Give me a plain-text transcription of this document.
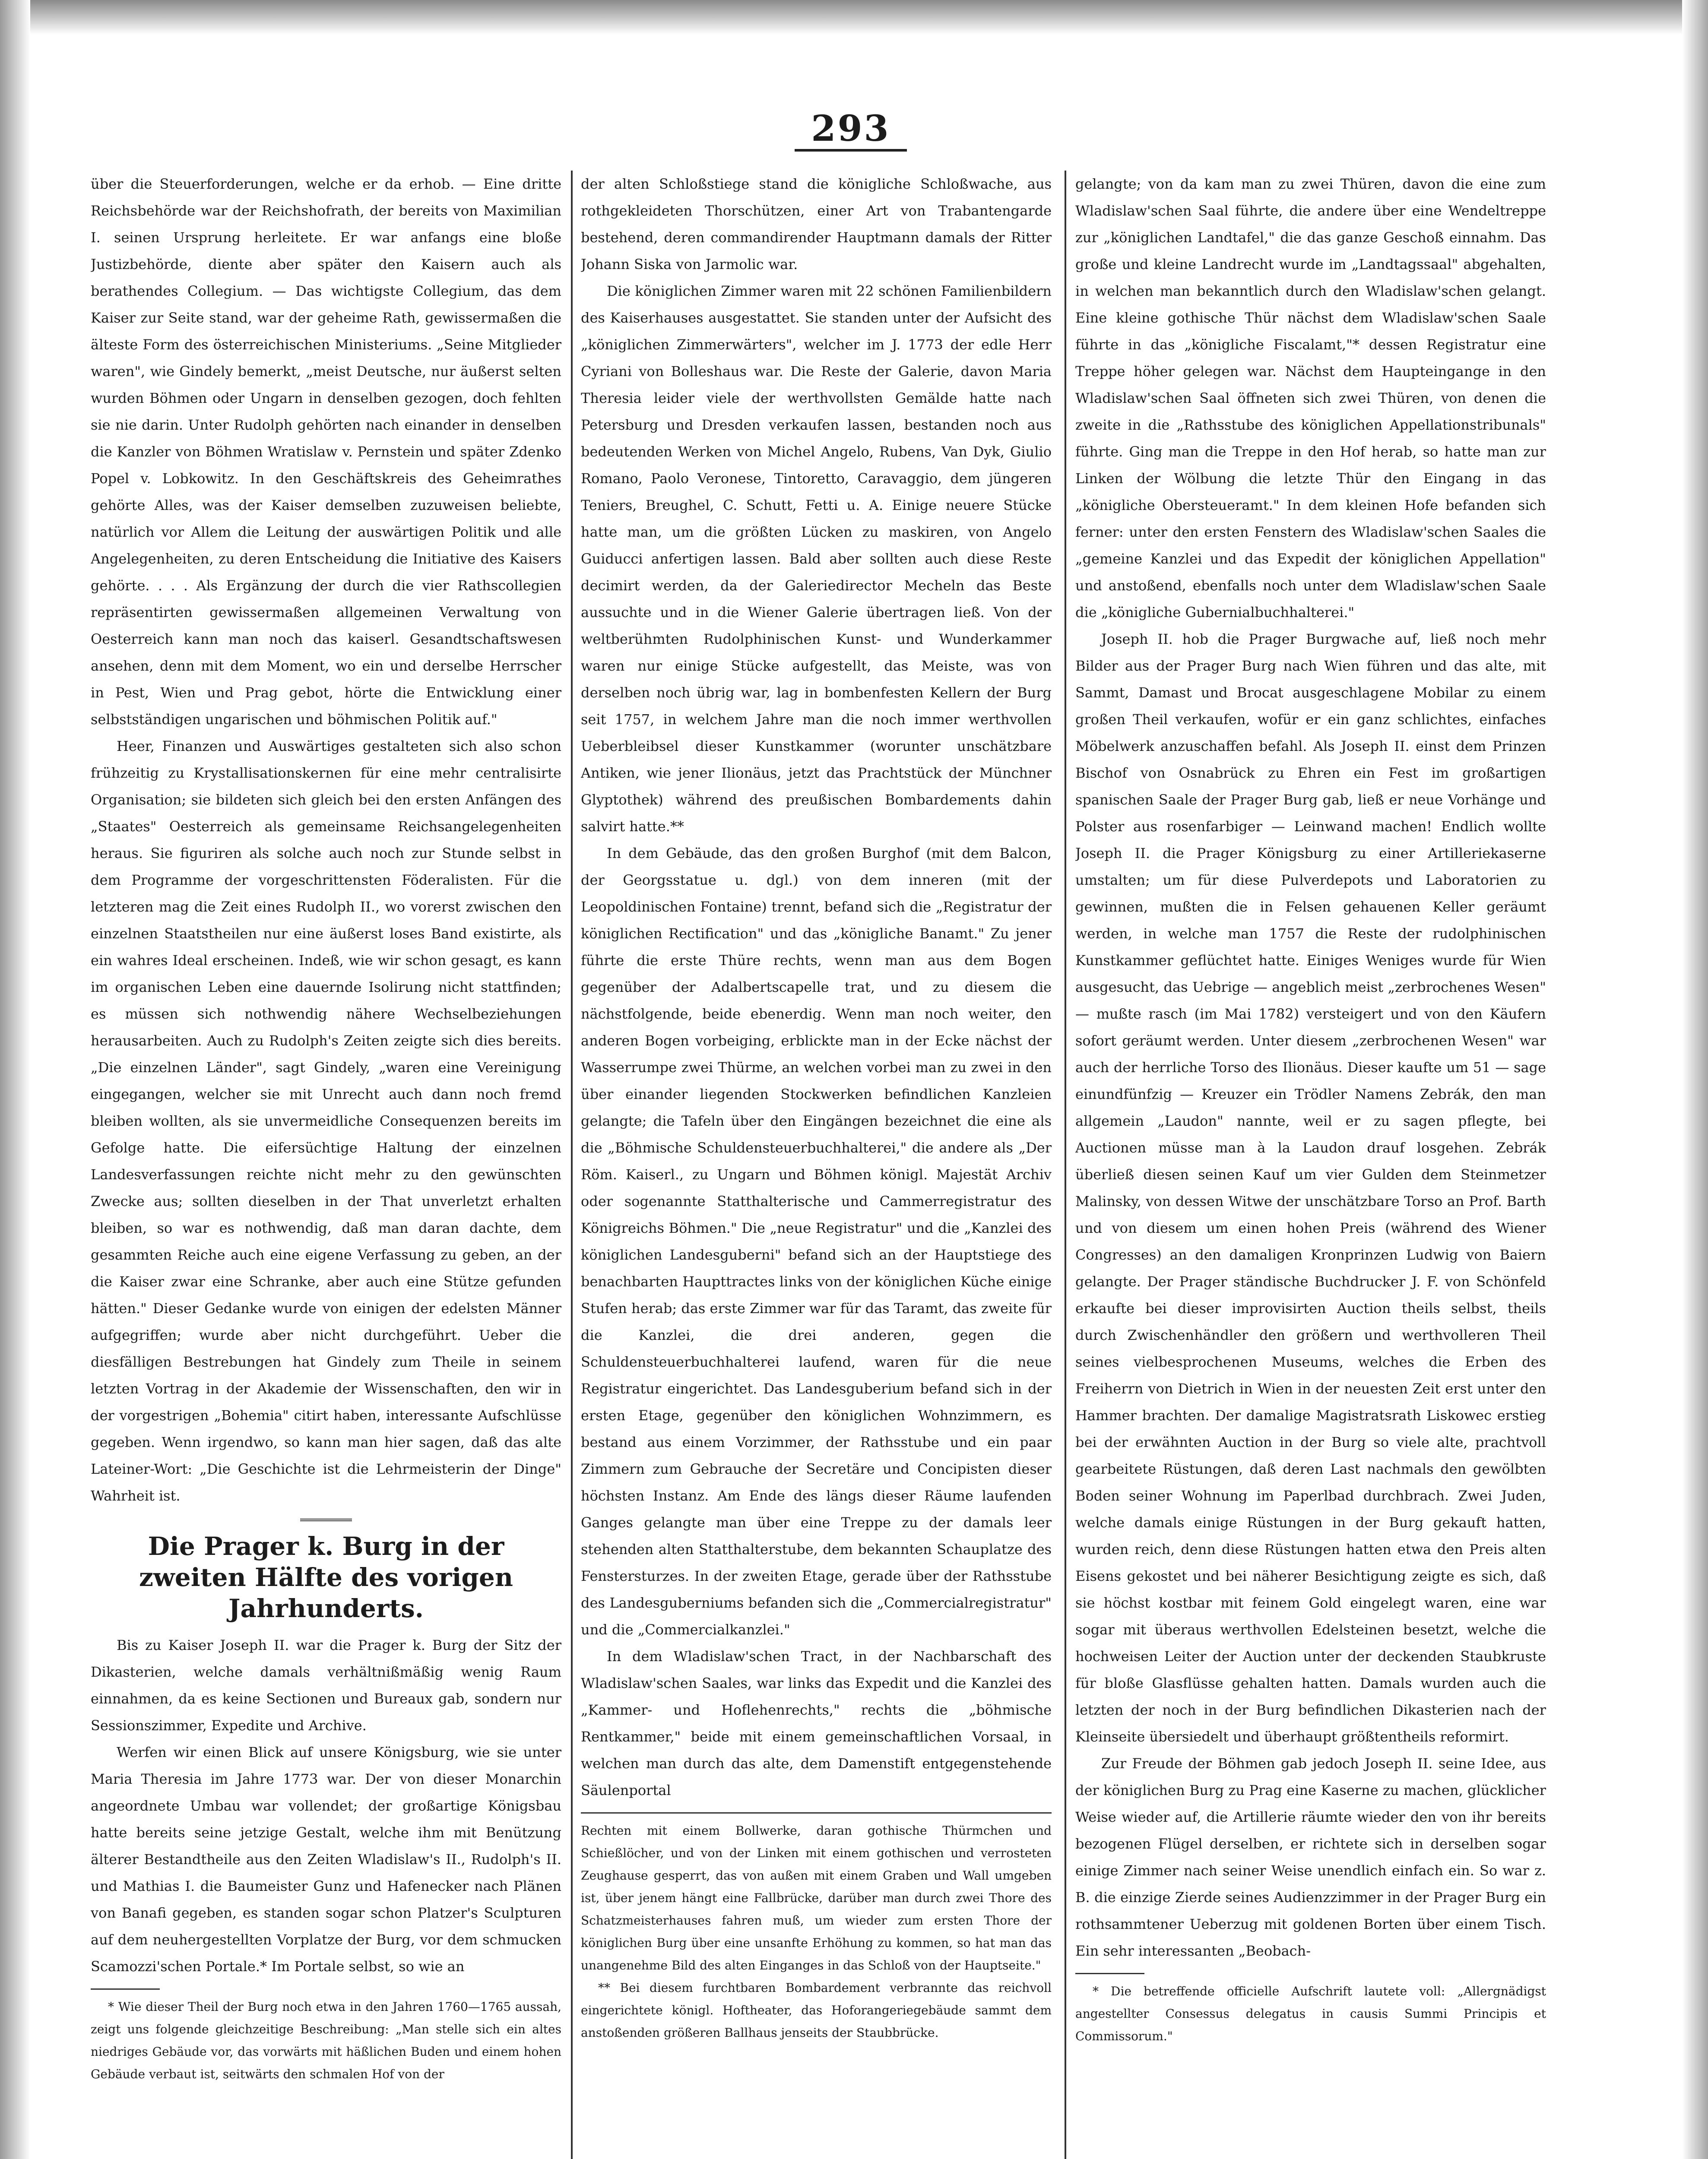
293

über die Steuerforderungen, welche er da erhob. — Eine dritte Reichsbehörde war der Reichshofrath, der bereits von Maximilian I. seinen Ursprung herleitete. Er war anfangs eine bloße Justizbehörde, diente aber später den Kaisern auch als berathendes Collegium. — Das wichtigste Collegium, das dem Kaiser zur Seite stand, war der geheime Rath, gewissermaßen die älteste Form des österreichischen Ministeriums. „Seine Mitglieder waren", wie Gindely bemerkt, „meist Deutsche, nur äußerst selten wurden Böhmen oder Ungarn in denselben gezogen, doch fehlten sie nie darin. Unter Rudolph gehörten nach einander in denselben die Kanzler von Böhmen Wratislaw v. Pernstein und später Zdenko Popel v. Lobkowitz. In den Geschäftskreis des Geheimrathes gehörte Alles, was der Kaiser demselben zuzuweisen beliebte, natürlich vor Allem die Leitung der auswärtigen Politik und alle Angelegenheiten, zu deren Entscheidung die Initiative des Kaisers gehörte. . . . Als Ergänzung der durch die vier Rathscollegien repräsentirten gewissermaßen allgemeinen Verwaltung von Oesterreich kann man noch das kaiserl. Gesandtschaftswesen ansehen, denn mit dem Moment, wo ein und derselbe Herrscher in Pest, Wien und Prag gebot, hörte die Entwicklung einer selbstständigen ungarischen und böhmischen Politik auf."

Heer, Finanzen und Auswärtiges gestalteten sich also schon frühzeitig zu Krystallisationskernen für eine mehr centralisirte Organisation; sie bildeten sich gleich bei den ersten Anfängen des „Staates" Oesterreich als gemeinsame Reichsangelegenheiten heraus. Sie figuriren als solche auch noch zur Stunde selbst in dem Programme der vorgeschrittensten Föderalisten. Für die letzteren mag die Zeit eines Rudolph II., wo vorerst zwischen den einzelnen Staatstheilen nur eine äußerst loses Band existirte, als ein wahres Ideal erscheinen. Indeß, wie wir schon gesagt, es kann im organischen Leben eine dauernde Isolirung nicht stattfinden; es müssen sich nothwendig nähere Wechselbeziehungen herausarbeiten. Auch zu Rudolph's Zeiten zeigte sich dies bereits. „Die einzelnen Länder", sagt Gindely, „waren eine Vereinigung eingegangen, welcher sie mit Unrecht auch dann noch fremd bleiben wollten, als sie unvermeidliche Consequenzen bereits im Gefolge hatte. Die eifersüchtige Haltung der einzelnen Landesverfassungen reichte nicht mehr zu den gewünschten Zwecke aus; sollten dieselben in der That unverletzt erhalten bleiben, so war es nothwendig, daß man daran dachte, dem gesammten Reiche auch eine eigene Verfassung zu geben, an der die Kaiser zwar eine Schranke, aber auch eine Stütze gefunden hätten." Dieser Gedanke wurde von einigen der edelsten Männer aufgegriffen; wurde aber nicht durchgeführt. Ueber die diesfälligen Bestrebungen hat Gindely zum Theile in seinem letzten Vortrag in der Akademie der Wissenschaften, den wir in der vorgestrigen „Bohemia" citirt haben, interessante Aufschlüsse gegeben. Wenn irgendwo, so kann man hier sagen, daß das alte Lateiner-Wort: „Die Geschichte ist die Lehrmeisterin der Dinge" Wahrheit ist.

Die Prager k. Burg in der zweiten Hälfte des vorigen Jahrhunderts.

Bis zu Kaiser Joseph II. war die Prager k. Burg der Sitz der Dikasterien, welche damals verhältnißmäßig wenig Raum einnahmen, da es keine Sectionen und Bureaux gab, sondern nur Sessionszimmer, Expedite und Archive.

Werfen wir einen Blick auf unsere Königsburg, wie sie unter Maria Theresia im Jahre 1773 war. Der von dieser Monarchin angeordnete Umbau war vollendet; der großartige Königsbau hatte bereits seine jetzige Gestalt, welche ihm mit Benützung älterer Bestandtheile aus den Zeiten Wladislaw's II., Rudolph's II. und Mathias I. die Baumeister Gunz und Hafenecker nach Plänen von Banafi gegeben, es standen sogar schon Platzer's Sculpturen auf dem neuhergestellten Vorplatze der Burg, vor dem schmucken Scamozzi'schen Portale.* Im Portale selbst, so wie an

* Wie dieser Theil der Burg noch etwa in den Jahren 1760—1765 aussah, zeigt uns folgende gleichzeitige Beschreibung: „Man stelle sich ein altes niedriges Gebäude vor, das vorwärts mit häßlichen Buden und einem hohen Gebäude verbaut ist, seitwärts den schmalen Hof von der

der alten Schloßstiege stand die königliche Schloßwache, aus rothgekleideten Thorschützen, einer Art von Trabantengarde bestehend, deren commandirender Hauptmann damals der Ritter Johann Siska von Jarmolic war.

Die königlichen Zimmer waren mit 22 schönen Familienbildern des Kaiserhauses ausgestattet. Sie standen unter der Aufsicht des „königlichen Zimmerwärters", welcher im J. 1773 der edle Herr Cyriani von Bolleshaus war. Die Reste der Galerie, davon Maria Theresia leider viele der werthvollsten Gemälde hatte nach Petersburg und Dresden verkaufen lassen, bestanden noch aus bedeutenden Werken von Michel Angelo, Rubens, Van Dyk, Giulio Romano, Paolo Veronese, Tintoretto, Caravaggio, dem jüngeren Teniers, Breughel, C. Schutt, Fetti u. A. Einige neuere Stücke hatte man, um die größten Lücken zu maskiren, von Angelo Guiducci anfertigen lassen. Bald aber sollten auch diese Reste decimirt werden, da der Galeriedirector Mecheln das Beste aussuchte und in die Wiener Galerie übertragen ließ. Von der weltberühmten Rudolphinischen Kunst- und Wunderkammer waren nur einige Stücke aufgestellt, das Meiste, was von derselben noch übrig war, lag in bombenfesten Kellern der Burg seit 1757, in welchem Jahre man die noch immer werthvollen Ueberbleibsel dieser Kunstkammer (worunter unschätzbare Antiken, wie jener Ilionäus, jetzt das Prachtstück der Münchner Glyptothek) während des preußischen Bombardements dahin salvirt hatte.**

In dem Gebäude, das den großen Burghof (mit dem Balcon, der Georgsstatue u. dgl.) von dem inneren (mit der Leopoldinischen Fontaine) trennt, befand sich die „Registratur der königlichen Rectification" und das „königliche Banamt." Zu jener führte die erste Thüre rechts, wenn man aus dem Bogen gegenüber der Adalbertscapelle trat, und zu diesem die nächstfolgende, beide ebenerdig. Wenn man noch weiter, den anderen Bogen vorbeiging, erblickte man in der Ecke nächst der Wasserrumpe zwei Thürme, an welchen vorbei man zu zwei in den über einander liegenden Stockwerken befindlichen Kanzleien gelangte; die Tafeln über den Eingängen bezeichnet die eine als die „Böhmische Schuldensteuerbuchhalterei," die andere als „Der Röm. Kaiserl., zu Ungarn und Böhmen königl. Majestät Archiv oder sogenannte Statthalterische und Cammerregistratur des Königreichs Böhmen." Die „neue Registratur" und die „Kanzlei des königlichen Landesguberni" befand sich an der Hauptstiege des benachbarten Haupttractes links von der königlichen Küche einige Stufen herab; das erste Zimmer war für das Taramt, das zweite für die Kanzlei, die drei anderen, gegen die Schuldensteuerbuchhalterei laufend, waren für die neue Registratur eingerichtet. Das Landesguberium befand sich in der ersten Etage, gegenüber den königlichen Wohnzimmern, es bestand aus einem Vorzimmer, der Rathsstube und ein paar Zimmern zum Gebrauche der Secretäre und Concipisten dieser höchsten Instanz. Am Ende des längs dieser Räume laufenden Ganges gelangte man über eine Treppe zu der damals leer stehenden alten Statthalterstube, dem bekannten Schauplatze des Fenstersturzes. In der zweiten Etage, gerade über der Rathsstube des Landesguberniums befanden sich die „Commercialregistratur" und die „Commercialkanzlei."

In dem Wladislaw'schen Tract, in der Nachbarschaft des Wladislaw'schen Saales, war links das Expedit und die Kanzlei des „Kammer- und Hoflehenrechts," rechts die „böhmische Rentkammer," beide mit einem gemeinschaftlichen Vorsaal, in welchen man durch das alte, dem Damenstift entgegenstehende Säulenportal

Rechten mit einem Bollwerke, daran gothische Thürmchen und Schießlöcher, und von der Linken mit einem gothischen und verrosteten Zeughause gesperrt, das von außen mit einem Graben und Wall umgeben ist, über jenem hängt eine Fallbrücke, darüber man durch zwei Thore des Schatzmeisterhauses fahren muß, um wieder zum ersten Thore der königlichen Burg über eine unsanfte Erhöhung zu kommen, so hat man das unangenehme Bild des alten Einganges in das Schloß von der Hauptseite."

** Bei diesem furchtbaren Bombardement verbrannte das reichvoll eingerichtete königl. Hoftheater, das Hoforangeriegebäude sammt dem anstoßenden größeren Ballhaus jenseits der Staubbrücke.

gelangte; von da kam man zu zwei Thüren, davon die eine zum Wladislaw'schen Saal führte, die andere über eine Wendeltreppe zur „königlichen Landtafel," die das ganze Geschoß einnahm. Das große und kleine Landrecht wurde im „Landtagssaal" abgehalten, in welchen man bekanntlich durch den Wladislaw'schen gelangt. Eine kleine gothische Thür nächst dem Wladislaw'schen Saale führte in das „königliche Fiscalamt,"* dessen Registratur eine Treppe höher gelegen war. Nächst dem Haupteingange in den Wladislaw'schen Saal öffneten sich zwei Thüren, von denen die zweite in die „Rathsstube des königlichen Appellationstribunals" führte. Ging man die Treppe in den Hof herab, so hatte man zur Linken der Wölbung die letzte Thür den Eingang in das „königliche Obersteueramt." In dem kleinen Hofe befanden sich ferner: unter den ersten Fenstern des Wladislaw'schen Saales die „gemeine Kanzlei und das Expedit der königlichen Appellation" und anstoßend, ebenfalls noch unter dem Wladislaw'schen Saale die „königliche Gubernialbuchhalterei."

Joseph II. hob die Prager Burgwache auf, ließ noch mehr Bilder aus der Prager Burg nach Wien führen und das alte, mit Sammt, Damast und Brocat ausgeschlagene Mobilar zu einem großen Theil verkaufen, wofür er ein ganz schlichtes, einfaches Möbelwerk anzuschaffen befahl. Als Joseph II. einst dem Prinzen Bischof von Osnabrück zu Ehren ein Fest im großartigen spanischen Saale der Prager Burg gab, ließ er neue Vorhänge und Polster aus rosenfarbiger — Leinwand machen! Endlich wollte Joseph II. die Prager Königsburg zu einer Artilleriekaserne umstalten; um für diese Pulverdepots und Laboratorien zu gewinnen, mußten die in Felsen gehauenen Keller geräumt werden, in welche man 1757 die Reste der rudolphinischen Kunstkammer geflüchtet hatte. Einiges Weniges wurde für Wien ausgesucht, das Uebrige — angeblich meist „zerbrochenes Wesen" — mußte rasch (im Mai 1782) versteigert und von den Käufern sofort geräumt werden. Unter diesem „zerbrochenen Wesen" war auch der herrliche Torso des Ilionäus. Dieser kaufte um 51 — sage einundfünfzig — Kreuzer ein Trödler Namens Zebrák, den man allgemein „Laudon" nannte, weil er zu sagen pflegte, bei Auctionen müsse man à la Laudon drauf losgehen. Zebrák überließ diesen seinen Kauf um vier Gulden dem Steinmetzer Malinsky, von dessen Witwe der unschätzbare Torso an Prof. Barth und von diesem um einen hohen Preis (während des Wiener Congresses) an den damaligen Kronprinzen Ludwig von Baiern gelangte. Der Prager ständische Buchdrucker J. F. von Schönfeld erkaufte bei dieser improvisirten Auction theils selbst, theils durch Zwischenhändler den größern und werthvolleren Theil seines vielbesprochenen Museums, welches die Erben des Freiherrn von Dietrich in Wien in der neuesten Zeit erst unter den Hammer brachten. Der damalige Magistratsrath Liskowec erstieg bei der erwähnten Auction in der Burg so viele alte, prachtvoll gearbeitete Rüstungen, daß deren Last nachmals den gewölbten Boden seiner Wohnung im Paperlbad durchbrach. Zwei Juden, welche damals einige Rüstungen in der Burg gekauft hatten, wurden reich, denn diese Rüstungen hatten etwa den Preis alten Eisens gekostet und bei näherer Besichtigung zeigte es sich, daß sie höchst kostbar mit feinem Gold eingelegt waren, eine war sogar mit überaus werthvollen Edelsteinen besetzt, welche die hochweisen Leiter der Auction unter der deckenden Staubkruste für bloße Glasflüsse gehalten hatten. Damals wurden auch die letzten der noch in der Burg befindlichen Dikasterien nach der Kleinseite übersiedelt und überhaupt größtentheils reformirt.

Zur Freude der Böhmen gab jedoch Joseph II. seine Idee, aus der königlichen Burg zu Prag eine Kaserne zu machen, glücklicher Weise wieder auf, die Artillerie räumte wieder den von ihr bereits bezogenen Flügel derselben, er richtete sich in derselben sogar einige Zimmer nach seiner Weise unendlich einfach ein. So war z. B. die einzige Zierde seines Audienzzimmer in der Prager Burg ein rothsammtener Ueberzug mit goldenen Borten über einem Tisch. Ein sehr interessanten „Beobach-

* Die betreffende officielle Aufschrift lautete voll: „Allergnädigst angestellter Consessus delegatus in causis Summi Principis et Commissorum."
